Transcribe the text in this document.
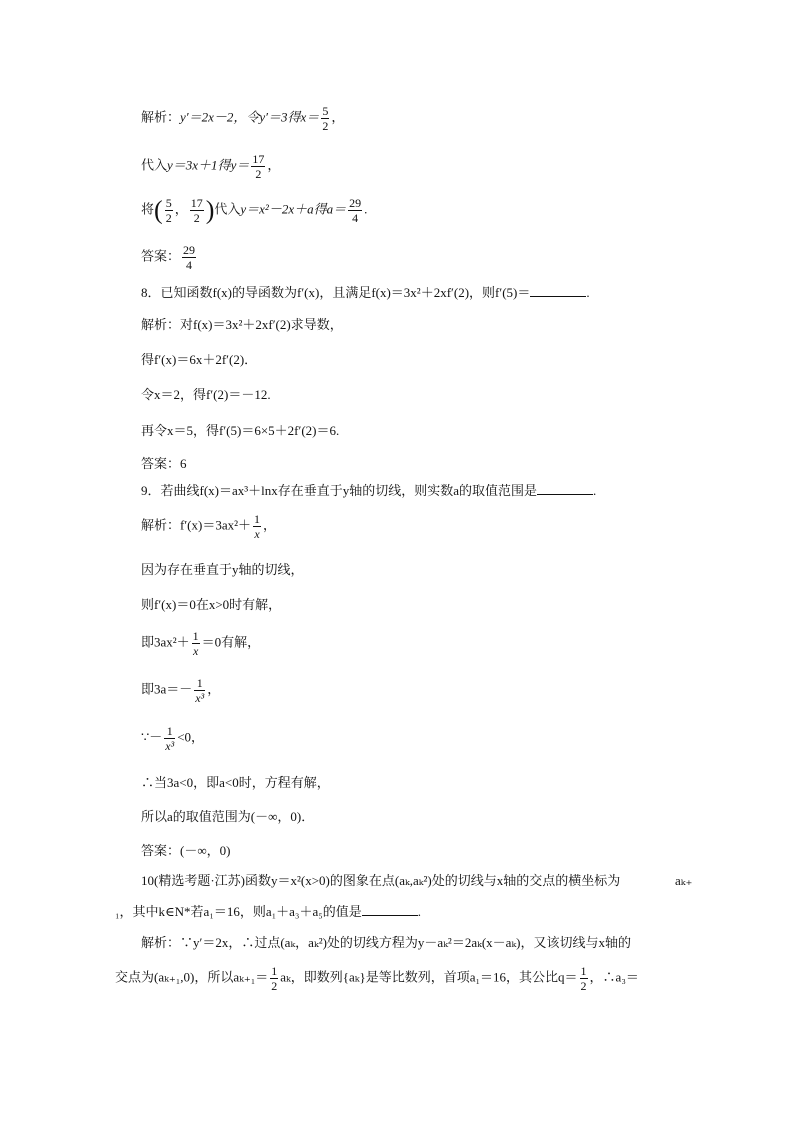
解析：y′＝2x－2，令y′＝3得$x= \frac{5}{2}$ ，
代入y＝3x＋1得$y= \frac{17}{2}$ ，
将( $\frac{5}{2}$ ， $\frac{17}{2}$ )代入y＝x²－2x＋a得$a= \frac{29}{4}$ .
答案： $\frac{29}{4}$
8．已知函数f(x)的导函数为f′(x)，且满足f(x)＝3x²＋2xf′(2)，则f′(5)＝	.
解析：对f(x)＝3x²＋2xf′(2)求导数，
得f′(x)＝6x＋2f′(2)．
令x＝2，得f′(2)＝－12.
再令x＝5，得f′(5)＝6×5＋2f′(2)＝6.
答案：6
9．若曲线f(x)＝ax³＋lnx存在垂直于y轴的切线，则实数a的取值范围是	.
解析：$f'(x)=3ax^2+ \frac{1}{x}$ ，
因为存在垂直于y轴的切线，
则f′(x)＝0在x>0时有解，
即$3ax^2+ \frac{1}{x} =0$有解，
即$3a=- \frac{1}{\text{x³}}$ ，
∵－ $\frac{1}{\text{x³}} <0$，
∴当3a<0，即a<0时，方程有解，
所以a的取值范围为(－∞，0)．
答案：(－∞，0)
10(精选考题·江苏)函数y＝x²(x>0)的图象在点(aₖ,aₖ²)处的切线与x轴的交点的横坐标为	aₖ₊
₁，其中k∈N*若a₁＝16，则a₁＋a₃＋a₅的值是	.
解析：∵y′＝2x，∴过点(aₖ，aₖ²)处的切线方程为y－aₖ²＝2aₖ(x－aₖ)，又该切线与x轴的
交点为(aₖ₊₁,0)，所以$a_{k+1}= \frac{1}{2}$ aₖ，即数列{aₖ}是等比数列，首项a₁＝16，其公比$q= \frac{1}{2}$ ，∴a₃＝
